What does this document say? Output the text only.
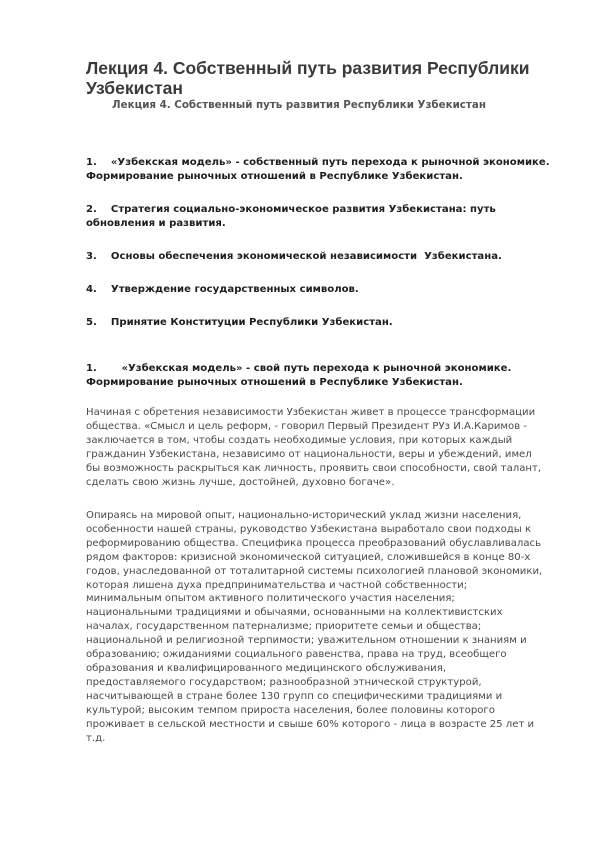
Лекция 4. Собственный путь развития Республики Узбекистан
Лекция 4. Собственный путь развития Республики Узбекистан
1.    «Узбекская модель» - собственный путь перехода к рыночной экономике. Формирование рыночных отношений в Республике Узбекистан.
2.    Стратегия социально-экономическое развития Узбекистана: путь обновления и развития.
3.    Основы обеспечения экономической независимости  Узбекистана.
4.    Утверждение государственных символов.
5.    Принятие Конституции Республики Узбекистан.
1.       «Узбекская модель» - свой путь перехода к рыночной экономике. Формирование рыночных отношений в Республике Узбекистан.

Начиная с обретения независимости Узбекистан живет в процессе трансформации общества. «Смысл и цель реформ, - говорил Первый Президент РУз И.А.Каримов - заключается в том, чтобы создать необходимые условия, при которых каждый гражданин Узбекистана, независимо от национальности, веры и убеждений, имел бы возможность раскрыться как личность, проявить свои способности, свой талант, сделать свою жизнь лучше, достойней, духовно богаче».

Опираясь на мировой опыт, национально-исторический уклад жизни населения, особенности нашей страны, руководство Узбекистана выработало свои подходы к реформированию общества. Специфика процесса преобразований обуславливалась рядом факторов: кризисной экономической ситуацией, сложившейся в конце 80-х годов, унаследованной от тоталитарной системы психологией плановой экономики, которая лишена духа предпринимательства и частной собственности; минимальным опытом активного политического участия населения; национальными традициями и обычаями, основанными на коллективистских началах, государственном патернализме; приоритете семьи и общества; национальной и религиозной терпимости; уважительном отношении к знаниям и образованию; ожиданиями социального равенства, права на труд, всеобщего образования и квалифицированного медицинского обслуживания, предоставляемого государством; разнообразной этнической структурой, насчитывающей в стране более 130 групп со специфическими традициями и культурой; высоким темпом прироста населения, более половины которого проживает в сельской местности и свыше 60% которого - лица в возрасте 25 лет и т.д.
